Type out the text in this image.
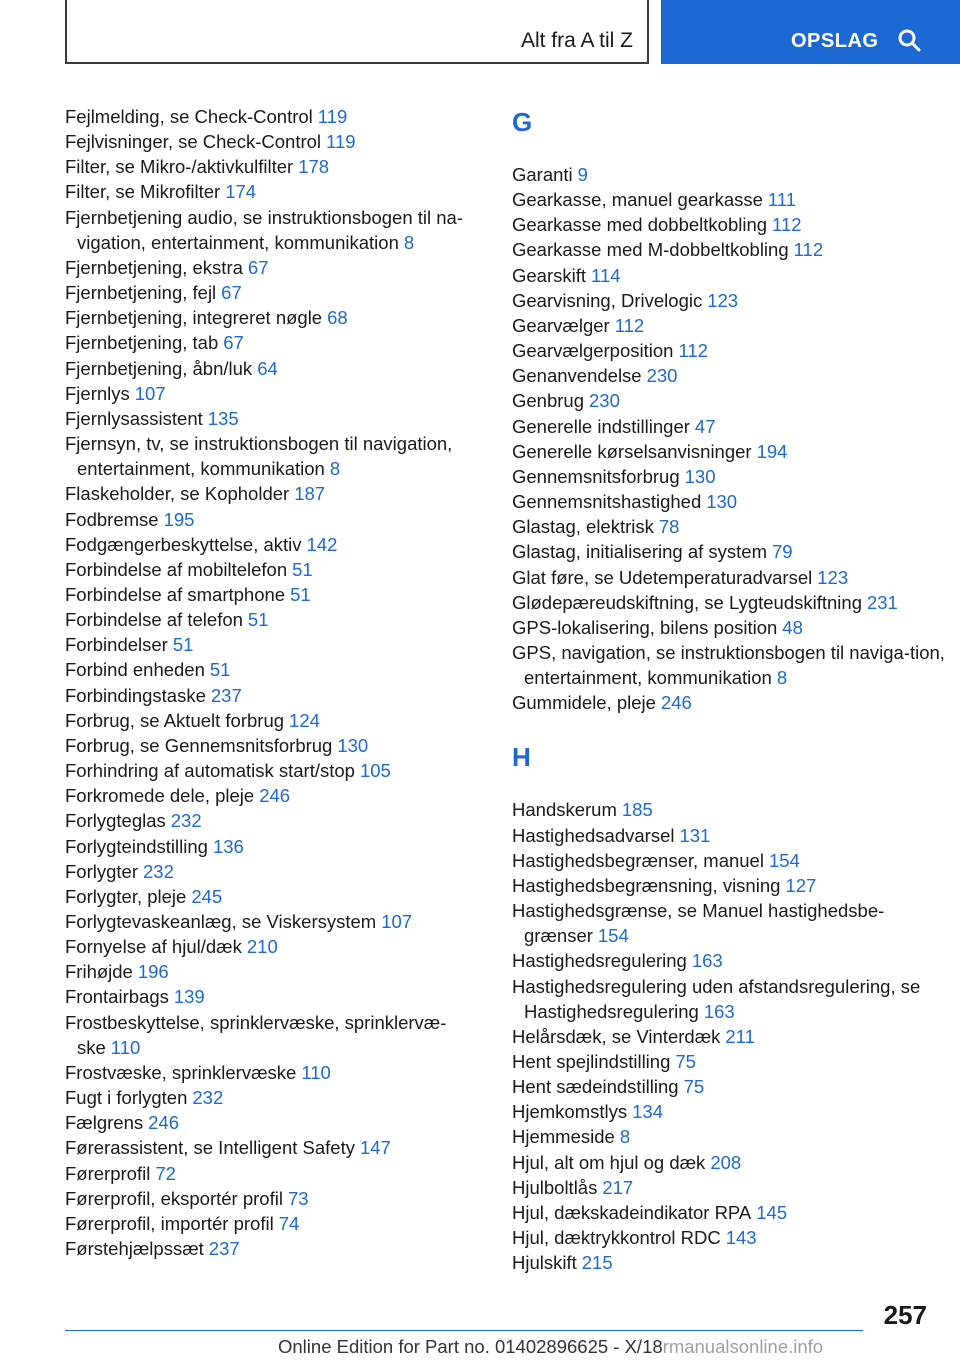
Alt fra A til Z	OPSLAG
Fejlmelding, se Check-Control 119
Fejlvisninger, se Check-Control 119
Filter, se Mikro-/aktivkulfilter 178
Filter, se Mikrofilter 174
Fjernbetjening audio, se instruktionsbogen til na-vigation, entertainment, kommunikation 8
Fjernbetjening, ekstra 67
Fjernbetjening, fejl 67
Fjernbetjening, integreret nøgle 68
Fjernbetjening, tab 67
Fjernbetjening, åbn/luk 64
Fjernlys 107
Fjernlysassistent 135
Fjernsyn, tv, se instruktionsbogen til navigation, entertainment, kommunikation 8
Flaskeholder, se Kopholder 187
Fodbremse 195
Fodgængerbeskyttelse, aktiv 142
Forbindelse af mobiltelefon 51
Forbindelse af smartphone 51
Forbindelse af telefon 51
Forbindelser 51
Forbind enheden 51
Forbindingstaske 237
Forbrug, se Aktuelt forbrug 124
Forbrug, se Gennemsnitsforbrug 130
Forhindring af automatisk start/stop 105
Forkromede dele, pleje 246
Forlygteglas 232
Forlygteindstilling 136
Forlygter 232
Forlygter, pleje 245
Forlygtevaskeanlæg, se Viskersystem 107
Fornyelse af hjul/dæk 210
Frihøjde 196
Frontairbags 139
Frostbeskyttelse, sprinklervæske, sprinklervæ-ske 110
Frostvæske, sprinklervæske 110
Fugt i forlygten 232
Fælgrens 246
Førerassistent, se Intelligent Safety 147
Førerprofil 72
Førerprofil, eksportér profil 73
Førerprofil, importér profil 74
Førstehjælpssæt 237
G
Garanti 9
Gearkasse, manuel gearkasse 111
Gearkasse med dobbeltkobling 112
Gearkasse med M-dobbeltkobling 112
Gearskift 114
Gearvisning, Drivelogic 123
Gearvælger 112
Gearvælgerposition 112
Genanvendelse 230
Genbrug 230
Generelle indstillinger 47
Generelle kørselsanvisninger 194
Gennemsnitsforbrug 130
Gennemsnitshastighed 130
Glastag, elektrisk 78
Glastag, initialisering af system 79
Glat føre, se Udetemperaturadvarsel 123
Glødepæreudskiftning, se Lygteudskiftning 231
GPS-lokalisering, bilens position 48
GPS, navigation, se instruktionsbogen til naviga-tion, entertainment, kommunikation 8
Gummidele, pleje 246
H
Handskerum 185
Hastighedsadvarsel 131
Hastighedsbegrænser, manuel 154
Hastighedsbegrænsning, visning 127
Hastighedsgrænse, se Manuel hastighedsbe-grænser 154
Hastighedsregulering 163
Hastighedsregulering uden afstandsregulering, se Hastighedsregulering 163
Helårsdæk, se Vinterdæk 211
Hent spejlindstilling 75
Hent sædeindstilling 75
Hjemkomstlys 134
Hjemmeside 8
Hjul, alt om hjul og dæk 208
Hjulboltlås 217
Hjul, dækskadeindikator RPA 145
Hjul, dæktrykkontrol RDC 143
Hjulskift 215
257
Online Edition for Part no. 01402896625 - X/18rmanualsonline.info
